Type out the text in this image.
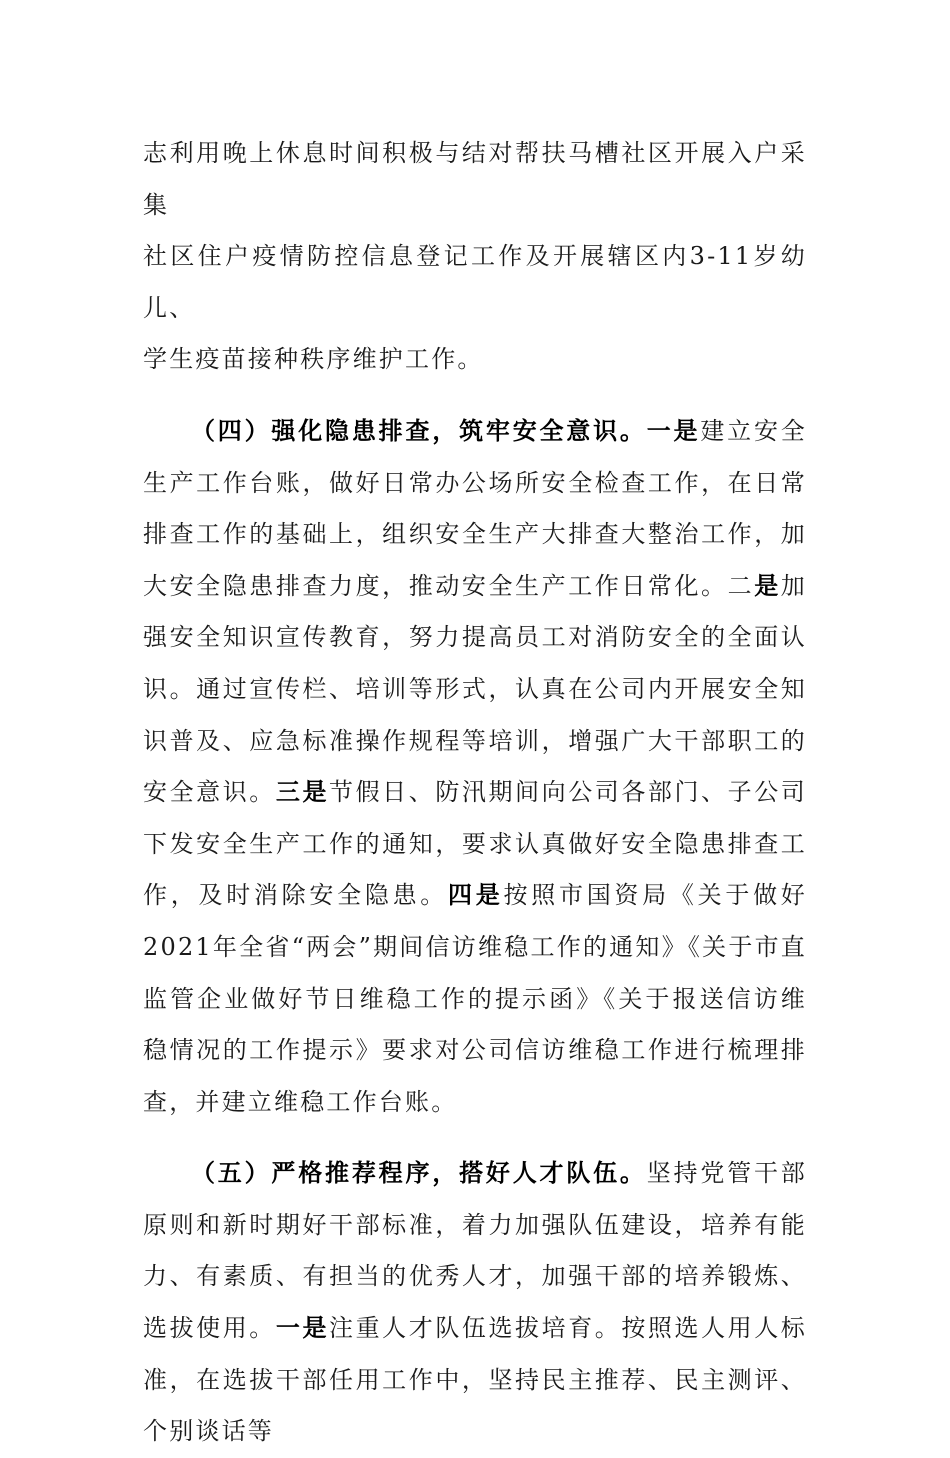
志利用晚上休息时间积极与结对帮扶马槽社区开展入户采集
社区住户疫情防控信息登记工作及开展辖区内3-11岁幼儿、
学生疫苗接种秩序维护工作。

（四）强化隐患排查，筑牢安全意识。一是建立安全生产工作台账，做好日常办公场所安全检查工作，在日常排查工作的基础上，组织安全生产大排查大整治工作，加大安全隐患排查力度，推动安全生产工作日常化。二是加强安全知识宣传教育，努力提高员工对消防安全的全面认识。通过宣传栏、培训等形式，认真在公司内开展安全知识普及、应急标准操作规程等培训，增强广大干部职工的安全意识。三是节假日、防汛期间向公司各部门、子公司下发安全生产工作的通知，要求认真做好安全隐患排查工作，及时消除安全隐患。四是按照市国资局《关于做好2021年全省“两会”期间信访维稳工作的通知》《关于市直监管企业做好节日维稳工作的提示函》《关于报送信访维稳情况的工作提示》要求对公司信访维稳工作进行梳理排查，并建立维稳工作台账。

（五）严格推荐程序，搭好人才队伍。坚持党管干部原则和新时期好干部标准，着力加强队伍建设，培养有能力、有素质、有担当的优秀人才，加强干部的培养锻炼、选拔使用。一是注重人才队伍选拔培育。按照选人用人标准，在选拔干部任用工作中，坚持民主推荐、民主测评、个别谈话等
